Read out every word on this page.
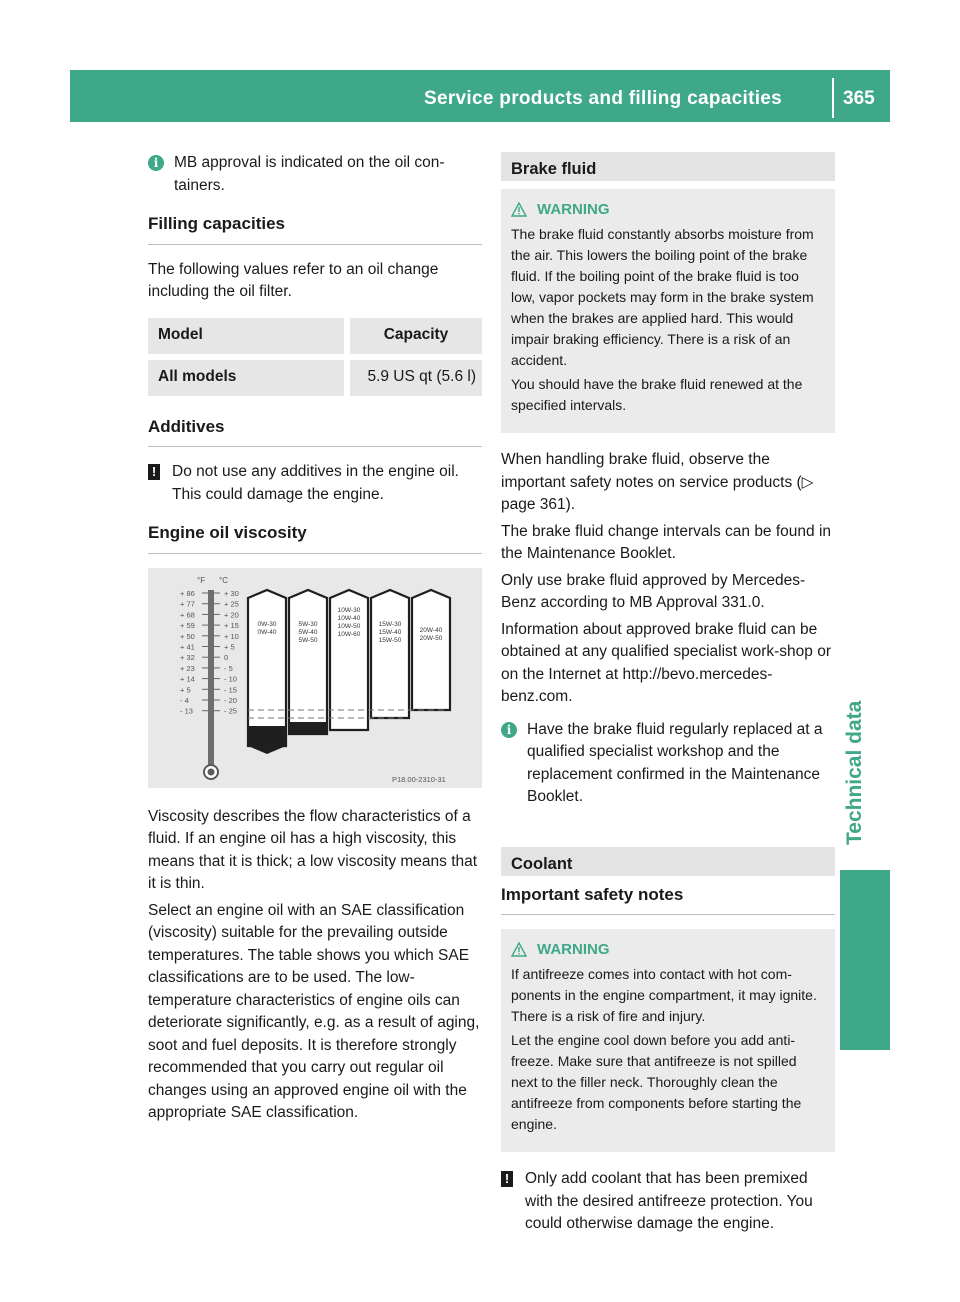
Service products and filling capacities	365
Technical data
i	MB approval is indicated on the oil con- tainers.
Filling capacities

The following values refer to an oil change including the oil filter.

Model	Capacity

All models	5.9 US qt (5.6 l)
Additives
! Do not use any additives in the engine oil. This could damage the engine.
Engine oil viscosity
°F °C
+ 86
+ 77
+ 68
+ 59
+ 50
+ 41
+ 32
+ 23
+ 14
+ 5
- 4
- 13
+ 30
+ 25
+ 20
+ 15
+ 10
+ 5
0
- 5
- 10
- 15
- 20
- 25
0W-30
0W-40
5W-30
5W-40
5W-50
10W-30
10W-40
10W-50
10W-60
15W-30
15W-40
15W-50
20W-40
20W-50
P18.00-2310-31

Viscosity describes the flow characteristics of a fluid. If an engine oil has a high viscosity, this means that it is thick; a low viscosity means that it is thin.

Select an engine oil with an SAE classification (viscosity) suitable for the prevailing outside temperatures. The table shows you which SAE classifications are to be used. The low-temperature characteristics of engine oils can deteriorate significantly, e.g. as a result of aging, soot and fuel deposits. It is therefore strongly recommended that you carry out regular oil changes using an approved engine oil with the appropriate SAE classification.

Brake fluid
WARNING

The brake fluid constantly absorbs moisture from the air. This lowers the boiling point of the brake fluid. If the boiling point of the brake fluid is too low, vapor pockets may form in the brake system when the brakes are applied hard. This would impair braking efficiency. There is a risk of an accident.

You should have the brake fluid renewed at the specified intervals.

When handling brake fluid, observe the important safety notes on service products (▷ page 361).

The brake fluid change intervals can be found in the Maintenance Booklet.

Only use brake fluid approved by Mercedes-Benz according to MB Approval 331.0.

Information about approved brake fluid can be obtained at any qualified specialist work-shop or on the Internet at http://bevo.mercedes-benz.com.

i	Have the brake fluid regularly replaced at a qualified specialist workshop and the replacement confirmed in the Maintenance Booklet.
Coolant
Important safety notes
WARNING

If antifreeze comes into contact with hot com-ponents in the engine compartment, it may ignite. There is a risk of fire and injury.

Let the engine cool down before you add anti-freeze. Make sure that antifreeze is not spilled next to the filler neck. Thoroughly clean the antifreeze from components before starting the engine.

! Only add coolant that has been premixed with the desired antifreeze protection. You could otherwise damage the engine.
